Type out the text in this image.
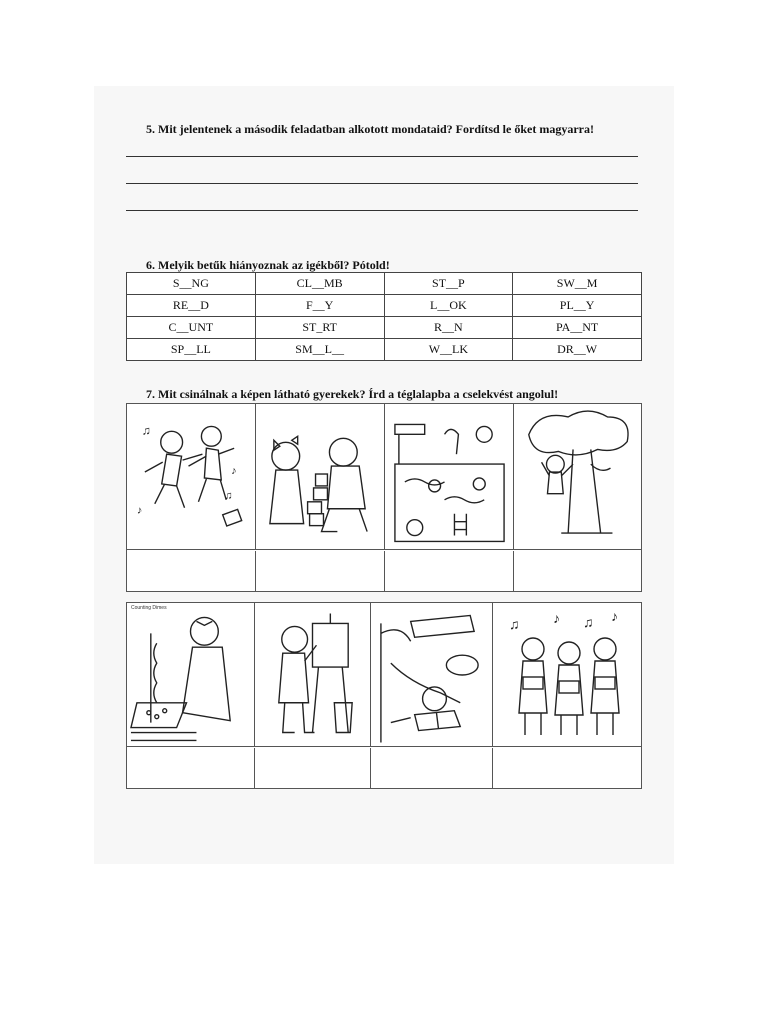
5. Mit jelentenek a második feladatban alkotott mondataid? Fordítsd le őket magyarra!
6. Melyik betűk hiányoznak az igékből? Pótold!
S__NG	CL__MB	ST__P	SW__M
RE__D	F__Y	L__OK	PL__Y
C__UNT	ST_RT	R__N	PA__NT
SP__LL	SM__L__	W__LK	DR__W
7. Mit csinálnak a képen látható gyerekek? Írd a téglalapba a cselekvést angolul!
♫
♪
♪
♫
Counting Dimes
♫ ♪ ♫ ♪
